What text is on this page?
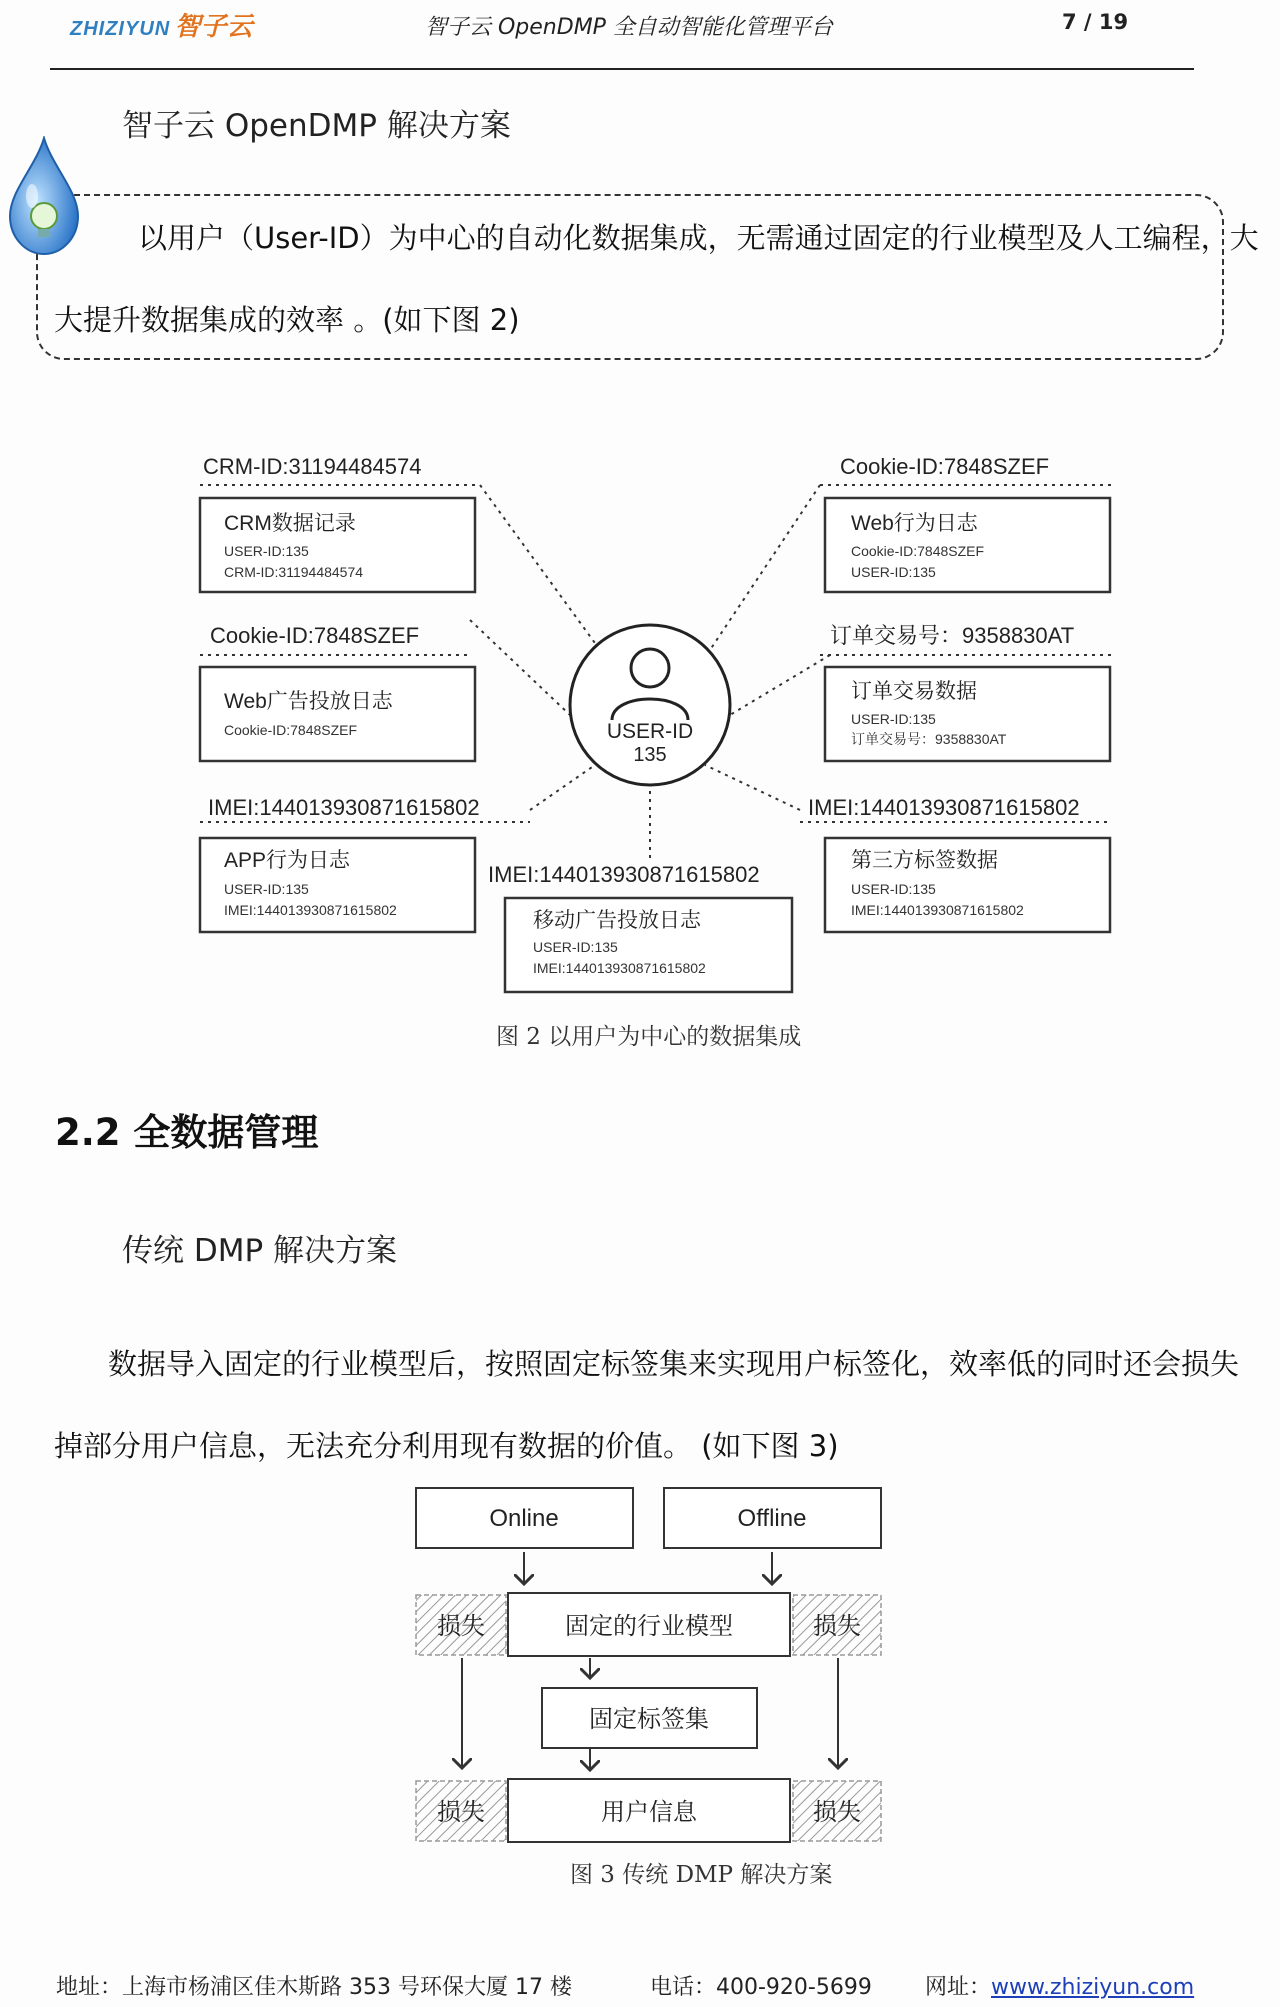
ZHIZIYUN 智子云	智子云 OpenDMP 全自动智能化管理平台	7 / 19
智子云 OpenDMP 解决方案
以用户（User-ID）为中心的自动化数据集成，无需通过固定的行业模型及人工编程，大
大提升数据集成的效率 。(如下图 2)
USER-ID
135
CRM-ID:31194484574
CRM数据记录
USER-ID:135
CRM-ID:31194484574
Cookie-ID:7848SZEF
Web行为日志
Cookie-ID:7848SZEF
USER-ID:135
Cookie-ID:7848SZEF
Web广告投放日志
Cookie-ID:7848SZEF
订单交易号：9358830AT
订单交易数据
USER-ID:135
订单交易号：9358830AT
IMEI:144013930871615802
APP行为日志
USER-ID:135
IMEI:144013930871615802
IMEI:144013930871615802
移动广告投放日志
USER-ID:135
IMEI:144013930871615802
IMEI:144013930871615802
第三方标签数据
USER-ID:135
IMEI:144013930871615802
图 2 以用户为中心的数据集成
2.2 全数据管理
传统 DMP 解决方案
数据导入固定的行业模型后，按照固定标签集来实现用户标签化，效率低的同时还会损失
掉部分用户信息，无法充分利用现有数据的价值。 (如下图 3)
Online	Offline
损失	固定的行业模型	损失
固定标签集
损失	用户信息	损失
图 3 传统 DMP 解决方案
地址：上海市杨浦区佳木斯路 353 号环保大厦 17 楼	电话：400-920-5699 网址：www.zhiziyun.com
